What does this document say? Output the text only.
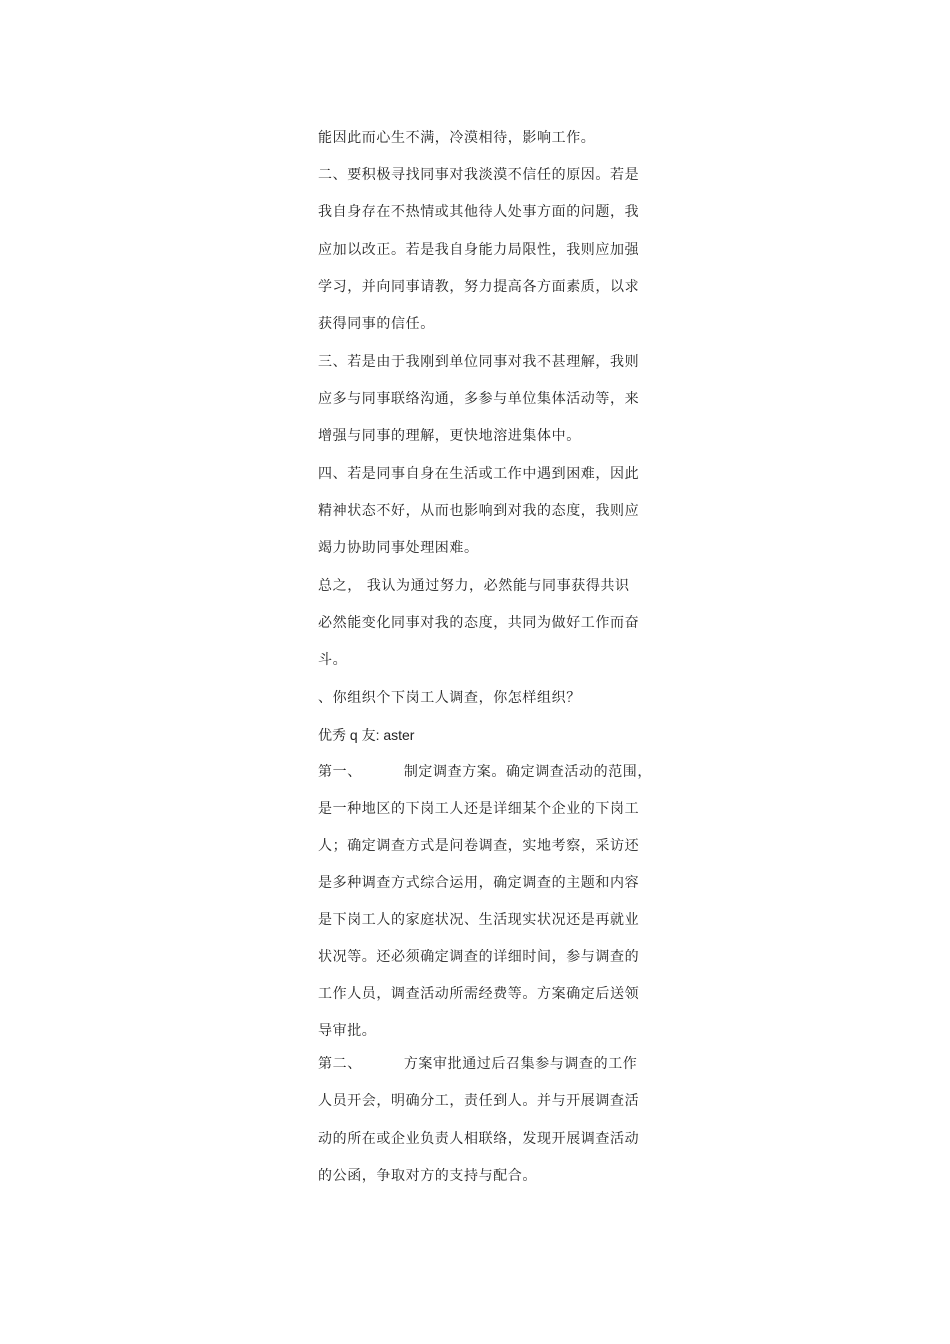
能因此而心生不满，冷漠相待，影响工作。
二、要积极寻找同事对我淡漠不信任的原因。若是
我自身存在不热情或其他待人处事方面的问题，我
应加以改正。若是我自身能力局限性，我则应加强
学习，并向同事请教，努力提高各方面素质，以求
获得同事的信任。
三、若是由于我刚到单位同事对我不甚理解，我则
应多与同事联络沟通，多参与单位集体活动等，来
增强与同事的理解，更快地溶进集体中。
四、若是同事自身在生活或工作中遇到困难，因此
精神状态不好，从而也影响到对我的态度，我则应
竭力协助同事处理困难。
总之， 我认为通过努力，必然能与同事获得共识
必然能变化同事对我的态度，共同为做好工作而奋
斗。
、你组织个下岗工人调查，你怎样组织？
优秀 q 友: aster
第一、	制定调查方案。确定调查活动的范围，
是一种地区的下岗工人还是详细某个企业的下岗工
人；确定调查方式是问卷调查，实地考察，采访还
是多种调查方式综合运用，确定调查的主题和内容
是下岗工人的家庭状况、生活现实状况还是再就业
状况等。还必须确定调查的详细时间，参与调查的
工作人员，调查活动所需经费等。方案确定后送领
导审批。
第二、	方案审批通过后召集参与调查的工作
人员开会，明确分工，责任到人。并与开展调查活
动的所在或企业负责人相联络，发现开展调查活动
的公函，争取对方的支持与配合。
